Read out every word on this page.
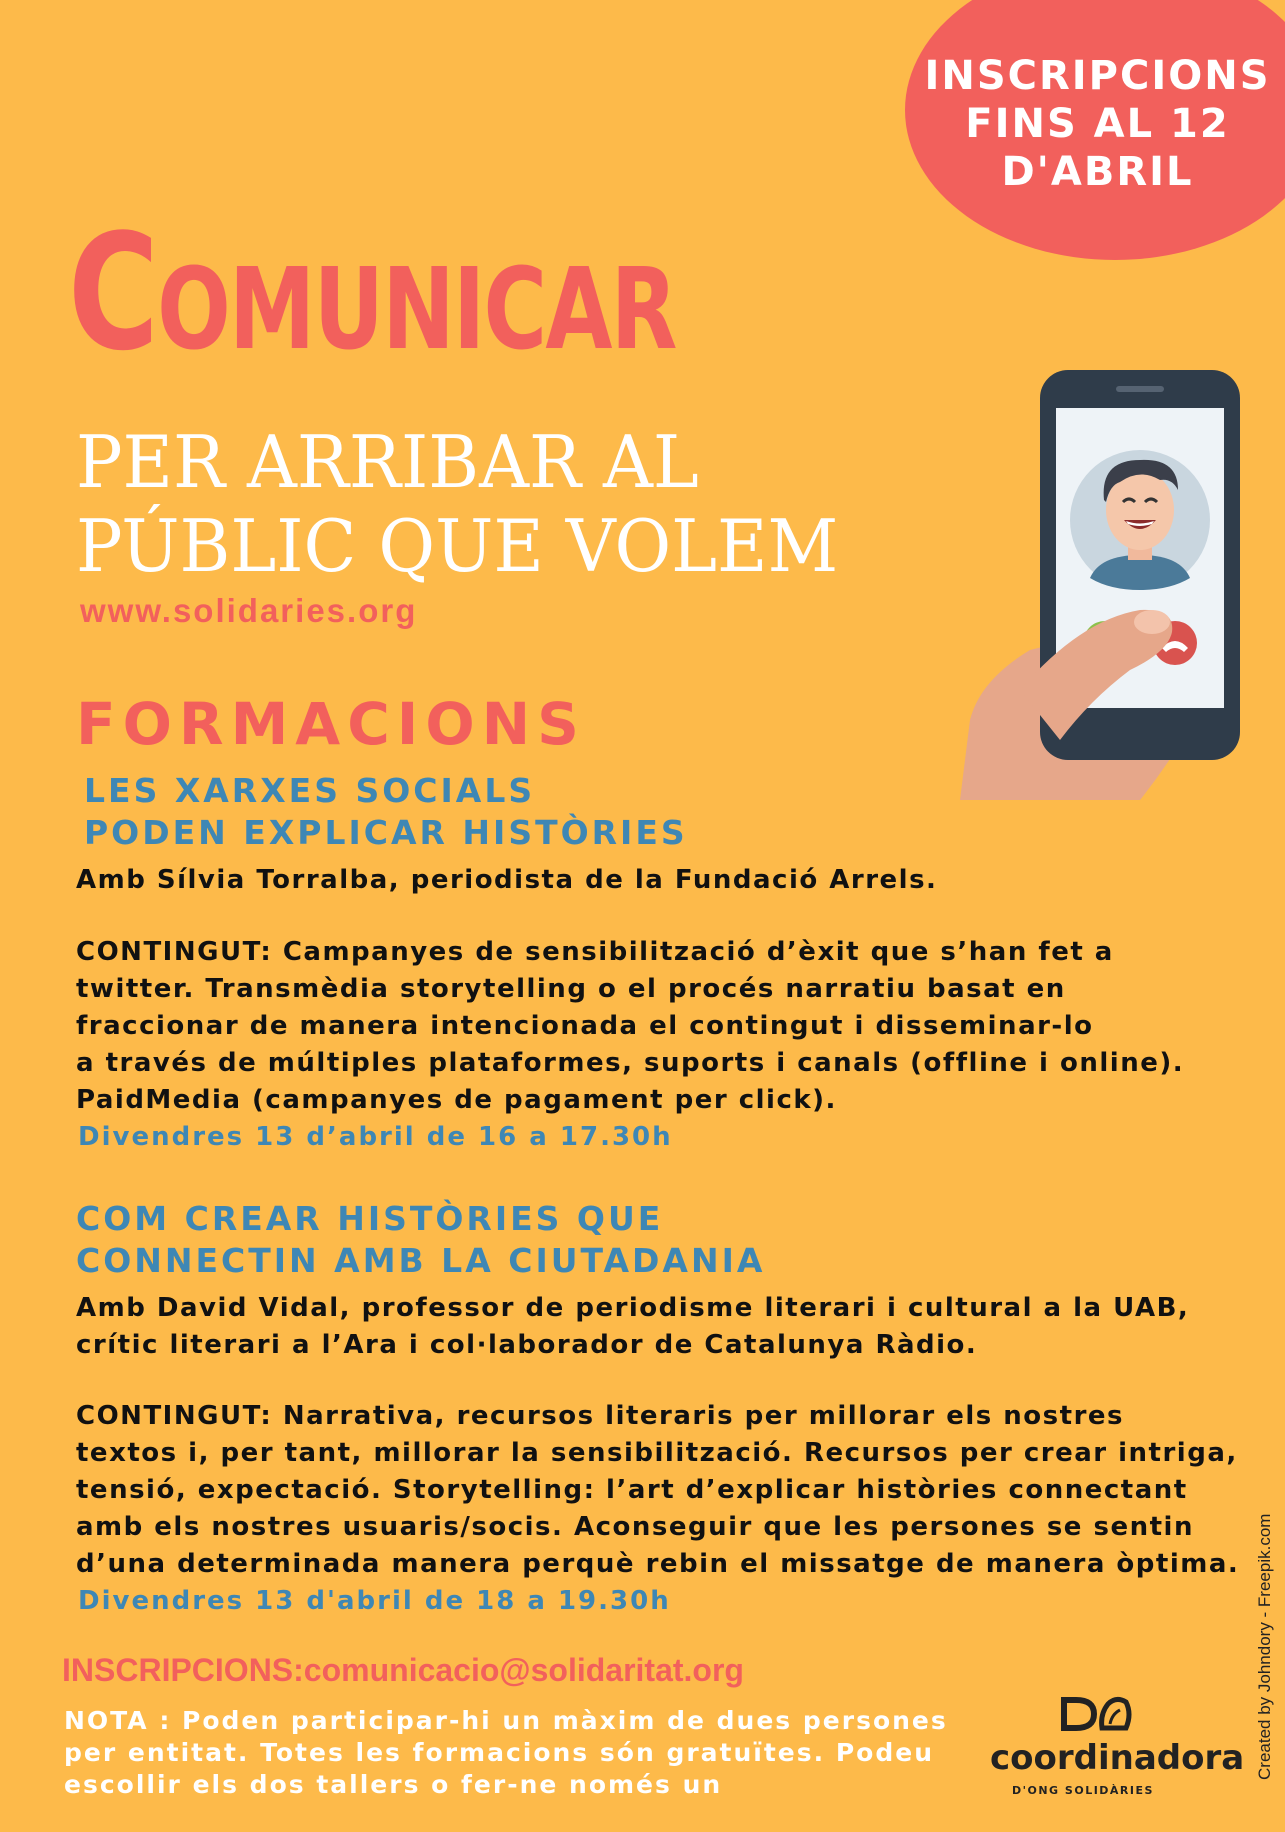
INSCRIPCIONS
FINS AL 12
D'ABRIL
Comunicar
PER ARRIBAR AL
PÚBLIC QUE VOLEM
www.solidaries.org
FORMACIONS
LES XARXES SOCIALS
PODEN EXPLICAR HISTÒRIES
Amb Sílvia Torralba, periodista de la Fundació Arrels.
CONTINGUT: Campanyes de sensibilització d’èxit que s’han fet a
twitter. Transmèdia storytelling o el procés narratiu basat en
fraccionar de manera intencionada el contingut i disseminar-lo
a través de múltiples plataformes, suports i canals (offline i online).
PaidMedia (campanyes de pagament per click).
Divendres 13 d’abril de 16 a 17.30h
COM CREAR HISTÒRIES QUE
CONNECTIN AMB LA CIUTADANIA
Amb David Vidal, professor de periodisme literari i cultural a la UAB,
crític literari a l’Ara i col·laborador de Catalunya Ràdio.
CONTINGUT: Narrativa, recursos literaris per millorar els nostres
textos i, per tant, millorar la sensibilització. Recursos per crear intriga,
tensió, expectació. Storytelling: l’art d’explicar històries connectant
amb els nostres usuaris/socis. Aconseguir que les persones se sentin
d’una determinada manera perquè rebin el missatge de manera òptima.
Divendres 13 d'abril de 18 a 19.30h
INSCRIPCIONS:comunicacio@solidaritat.org
NOTA : Poden participar-hi un màxim de dues persones
per entitat. Totes les formacions són gratuïtes. Podeu
escollir els dos tallers o fer-ne només un
coordinadora
D'ONG SOLIDÀRIES
Created by Johndory - Freepik.com
